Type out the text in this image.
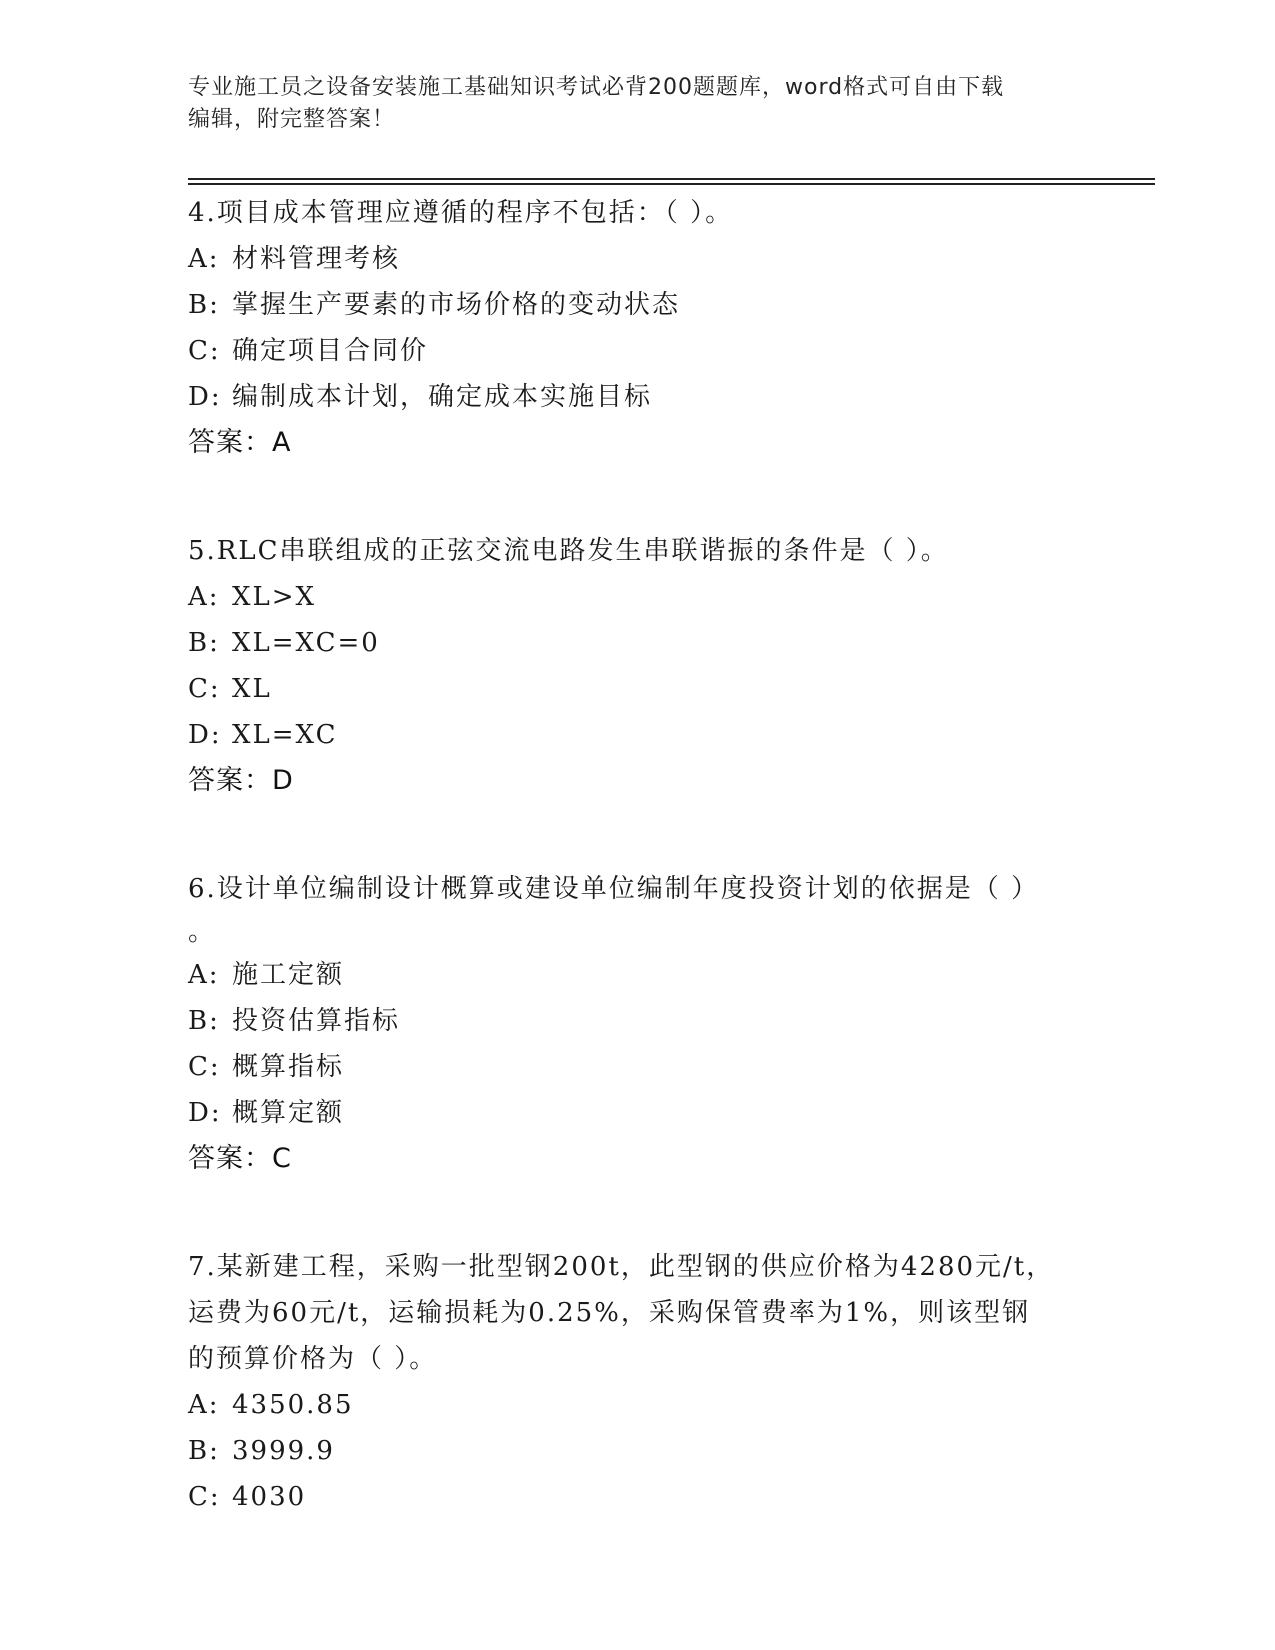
专业施工员之设备安装施工基础知识考试必背200题题库，word格式可自由下载
编辑，附完整答案！
4.项目成本管理应遵循的程序不包括：（ ）。
A: 材料管理考核
B: 掌握生产要素的市场价格的变动状态
C: 确定项目合同价
D: 编制成本计划，确定成本实施目标
答案：A
5.RLC串联组成的正弦交流电路发生串联谐振的条件是（ ）。
A: XL>X
B: XL=XC=0
C: XL
D: XL=XC
答案：D
6.设计单位编制设计概算或建设单位编制年度投资计划的依据是（ ）
。
A: 施工定额
B: 投资估算指标
C: 概算指标
D: 概算定额
答案：C
7.某新建工程，采购一批型钢200t，此型钢的供应价格为4280元/t，
运费为60元/t，运输损耗为0.25%，采购保管费率为1%，则该型钢
的预算价格为（ ）。
A: 4350.85
B: 3999.9
C: 4030
